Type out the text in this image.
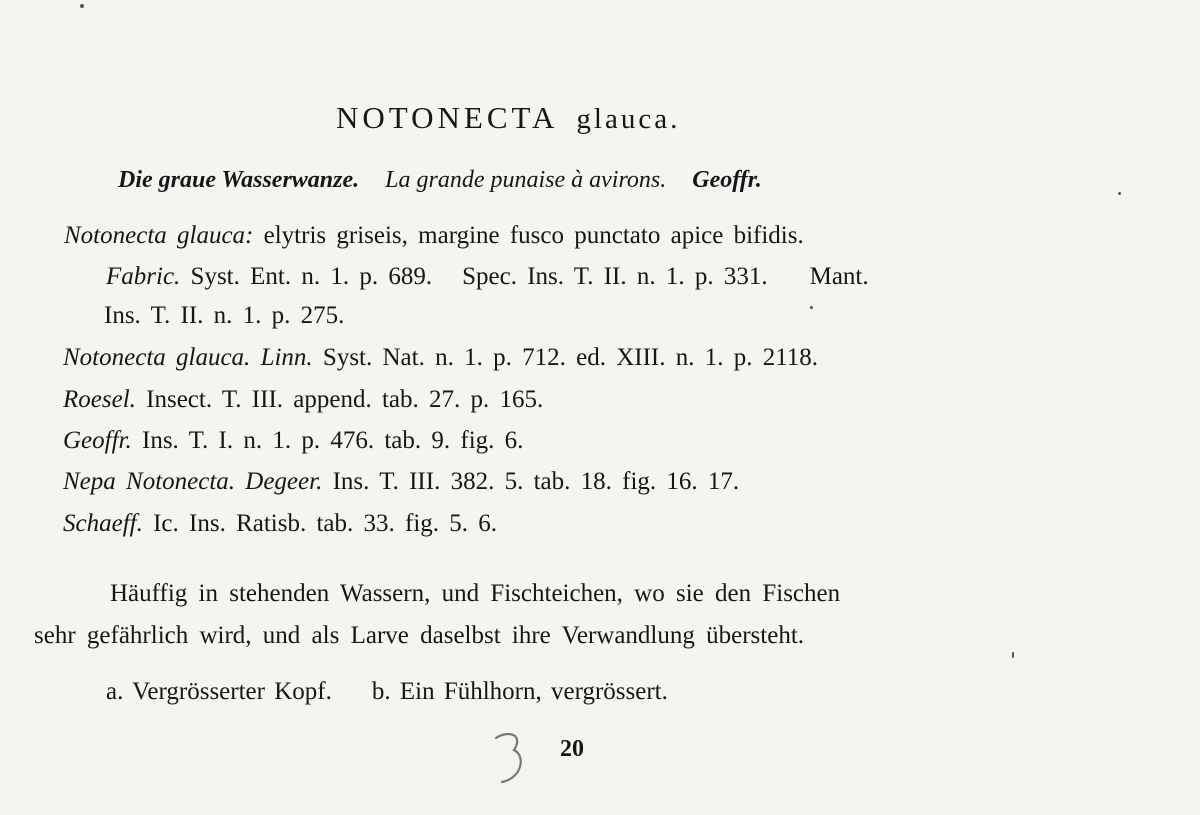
NOTONECTA glauca.
Die graue Wasserwanze. La grande punaise à avirons. Geoffr.
Notonecta glauca: elytris griseis, margine fusco punctato apice bifidis.
Fabric. Syst. Ent. n. 1. p. 689. Spec. Ins. T. II. n. 1. p. 331. Mant.
Ins. T. II. n. 1. p. 275.
Notonecta glauca. Linn. Syst. Nat. n. 1. p. 712. ed. XIII. n. 1. p. 2118.
Roesel. Insect. T. III. append. tab. 27. p. 165.
Geoffr. Ins. T. I. n. 1. p. 476. tab. 9. fig. 6.
Nepa Notonecta. Degeer. Ins. T. III. 382. 5. tab. 18. fig. 16. 17.
Schaeff. Ic. Ins. Ratisb. tab. 33. fig. 5. 6.
Häuffig in stehenden Wassern, und Fischteichen, wo sie den Fischen
sehr gefährlich wird, und als Larve daselbst ihre Verwandlung übersteht.
a. Vergrösserter Kopf. b. Ein Fühlhorn, vergrössert.
20
